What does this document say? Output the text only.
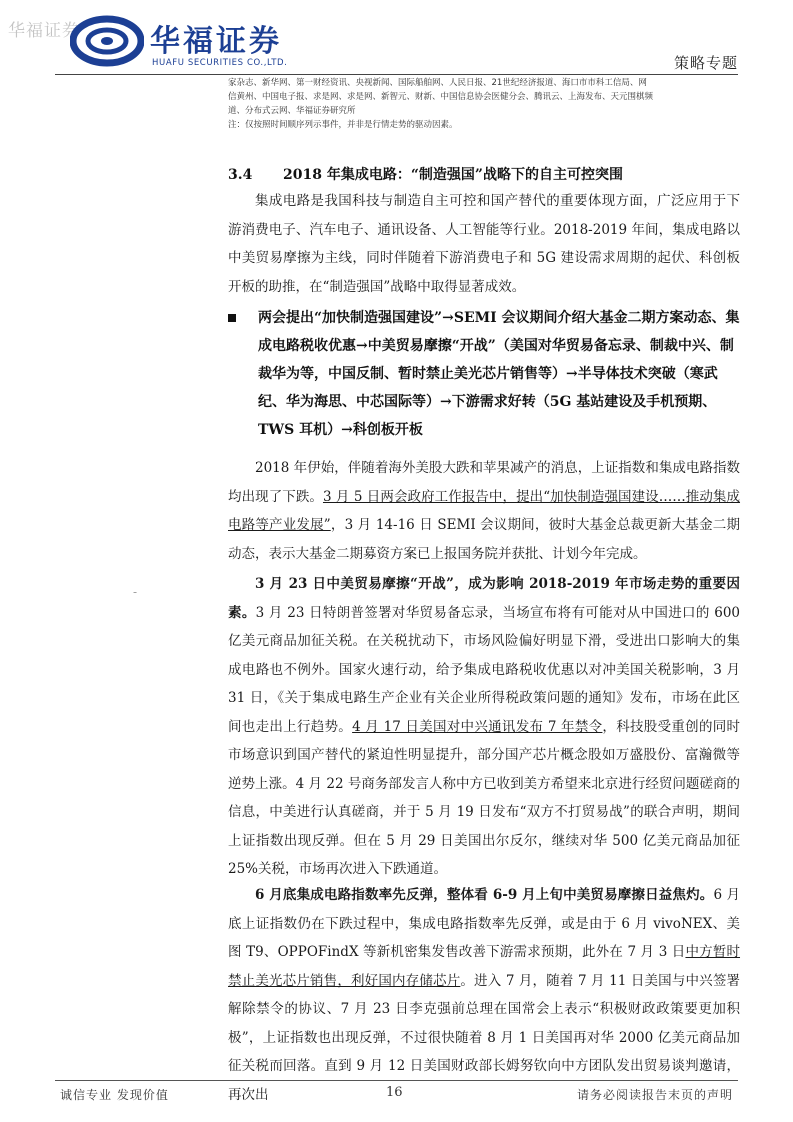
华福证券 华福证券
HUAFU SECURITIES CO.,LTD.	策略专题

家杂志、新华网、第一财经资讯、央视新闻、国际船舶网、人民日报、21世纪经济报道、海口市市科工信局、网

信黄州、中国电子报、求是网、求是网、新智元、财新、中国信息协会医健分会、腾讯云、上海发布、天元围棋频

道、分布式云网、华福证券研究所

注：仅按照时间顺序列示事件，并非是行情走势的驱动因素。

3.4 2018 年集成电路：“制造强国”战略下的自主可控突围

集成电路是我国科技与制造自主可控和国产替代的重要体现方面，广泛应用于下游消费电子、汽车电子、通讯设备、人工智能等行业。2018-2019 年间，集成电路以中美贸易摩擦为主线，同时伴随着下游消费电子和 5G 建设需求周期的起伏、科创板开板的助推，在“制造强国”战略中取得显著成效。

两会提出“加快制造强国建设”→SEMI 会议期间介绍大基金二期方案动态、集成电路税收优惠→中美贸易摩擦“开战”（美国对华贸易备忘录、制裁中兴、制裁华为等，中国反制、暂时禁止美光芯片销售等）→半导体技术突破（寒武纪、华为海思、中芯国际等）→下游需求好转（5G 基站建设及手机预期、TWS 耳机）→科创板开板

2018 年伊始，伴随着海外美股大跌和苹果减产的消息，上证指数和集成电路指数均出现了下跌。3 月 5 日两会政府工作报告中，提出“加快制造强国建设……推动集成电路等产业发展”，3 月 14-16 日 SEMI 会议期间，彼时大基金总裁更新大基金二期动态，表示大基金二期募资方案已上报国务院并获批、计划今年完成。

-	3 月 23 日中美贸易摩擦“开战”，成为影响 2018-2019 年市场走势的重要因素。3 月 23 日特朗普签署对华贸易备忘录，当场宣布将有可能对从中国进口的 600 亿美元商品加征关税。在关税扰动下，市场风险偏好明显下滑，受进出口影响大的集成电路也不例外。国家火速行动，给予集成电路税收优惠以对冲美国关税影响，3 月 31 日，《关于集成电路生产企业有关企业所得税政策问题的通知》发布，市场在此区间也走出上行趋势。4 月 17 日美国对中兴通讯发布 7 年禁令，科技股受重创的同时市场意识到国产替代的紧迫性明显提升，部分国产芯片概念股如万盛股份、富瀚微等逆势上涨。4 月 22 号商务部发言人称中方已收到美方希望来北京进行经贸问题磋商的信息，中美进行认真磋商，并于 5 月 19 日发布“双方不打贸易战”的联合声明，期间上证指数出现反弹。但在 5 月 29 日美国出尔反尔，继续对华 500 亿美元商品加征 25%关税，市场再次进入下跌通道。

6 月底集成电路指数率先反弹，整体看 6-9 月上旬中美贸易摩擦日益焦灼。6 月底上证指数仍在下跌过程中，集成电路指数率先反弹，或是由于 6 月 vivoNEX、美图 T9、OPPOFindX 等新机密集发售改善下游需求预期，此外在 7 月 3 日中方暂时禁止美光芯片销售，利好国内存储芯片。进入 7 月，随着 7 月 11 日美国与中兴签署解除禁令的协议、7 月 23 日李克强前总理在国常会上表示“积极财政政策要更加积极”，上证指数也出现反弹，不过很快随着 8 月 1 日美国再对华 2000 亿美元商品加征关税而回落。直到 9 月 12 日美国财政部长姆努钦向中方团队发出贸易谈判邀请，再次出

诚信专业 发现价值	16	请务必阅读报告末页的声明
